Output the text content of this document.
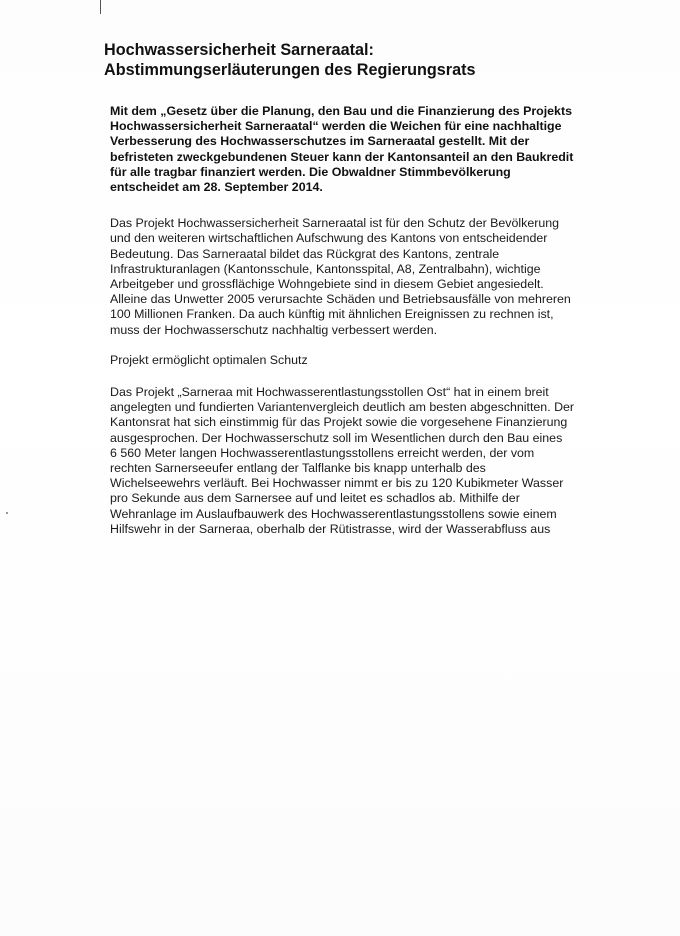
Hochwassersicherheit Sarneraatal:
Abstimmungserläuterungen des Regierungsrats
Mit dem „Gesetz über die Planung, den Bau und die Finanzierung des Projekts
Hochwassersicherheit Sarneraatal“ werden die Weichen für eine nachhaltige
Verbesserung des Hochwasserschutzes im Sarneraatal gestellt. Mit der
befristeten zweckgebundenen Steuer kann der Kantonsanteil an den Baukredit
für alle tragbar finanziert werden. Die Obwaldner Stimmbevölkerung
entscheidet am 28. September 2014.
Das Projekt Hochwassersicherheit Sarneraatal ist für den Schutz der Bevölkerung
und den weiteren wirtschaftlichen Aufschwung des Kantons von entscheidender
Bedeutung. Das Sarneraatal bildet das Rückgrat des Kantons, zentrale
Infrastrukturanlagen (Kantonsschule, Kantonsspital, A8, Zentralbahn), wichtige
Arbeitgeber und grossflächige Wohngebiete sind in diesem Gebiet angesiedelt.
Alleine das Unwetter 2005 verursachte Schäden und Betriebsausfälle von mehreren
100 Millionen Franken. Da auch künftig mit ähnlichen Ereignissen zu rechnen ist,
muss der Hochwasserschutz nachhaltig verbessert werden.
Projekt ermöglicht optimalen Schutz
Das Projekt „Sarneraa mit Hochwasserentlastungsstollen Ost“ hat in einem breit
angelegten und fundierten Variantenvergleich deutlich am besten abgeschnitten. Der
Kantonsrat hat sich einstimmig für das Projekt sowie die vorgesehene Finanzierung
ausgesprochen. Der Hochwasserschutz soll im Wesentlichen durch den Bau eines
6 560 Meter langen Hochwasserentlastungsstollens erreicht werden, der vom
rechten Sarnerseeufer entlang der Talflanke bis knapp unterhalb des
Wichelseewehrs verläuft. Bei Hochwasser nimmt er bis zu 120 Kubikmeter Wasser
pro Sekunde aus dem Sarnersee auf und leitet es schadlos ab. Mithilfe der
Wehranlage im Auslaufbauwerk des Hochwasserentlastungsstollens sowie einem
Hilfswehr in der Sarneraa, oberhalb der Rütistrasse, wird der Wasserabfluss aus
